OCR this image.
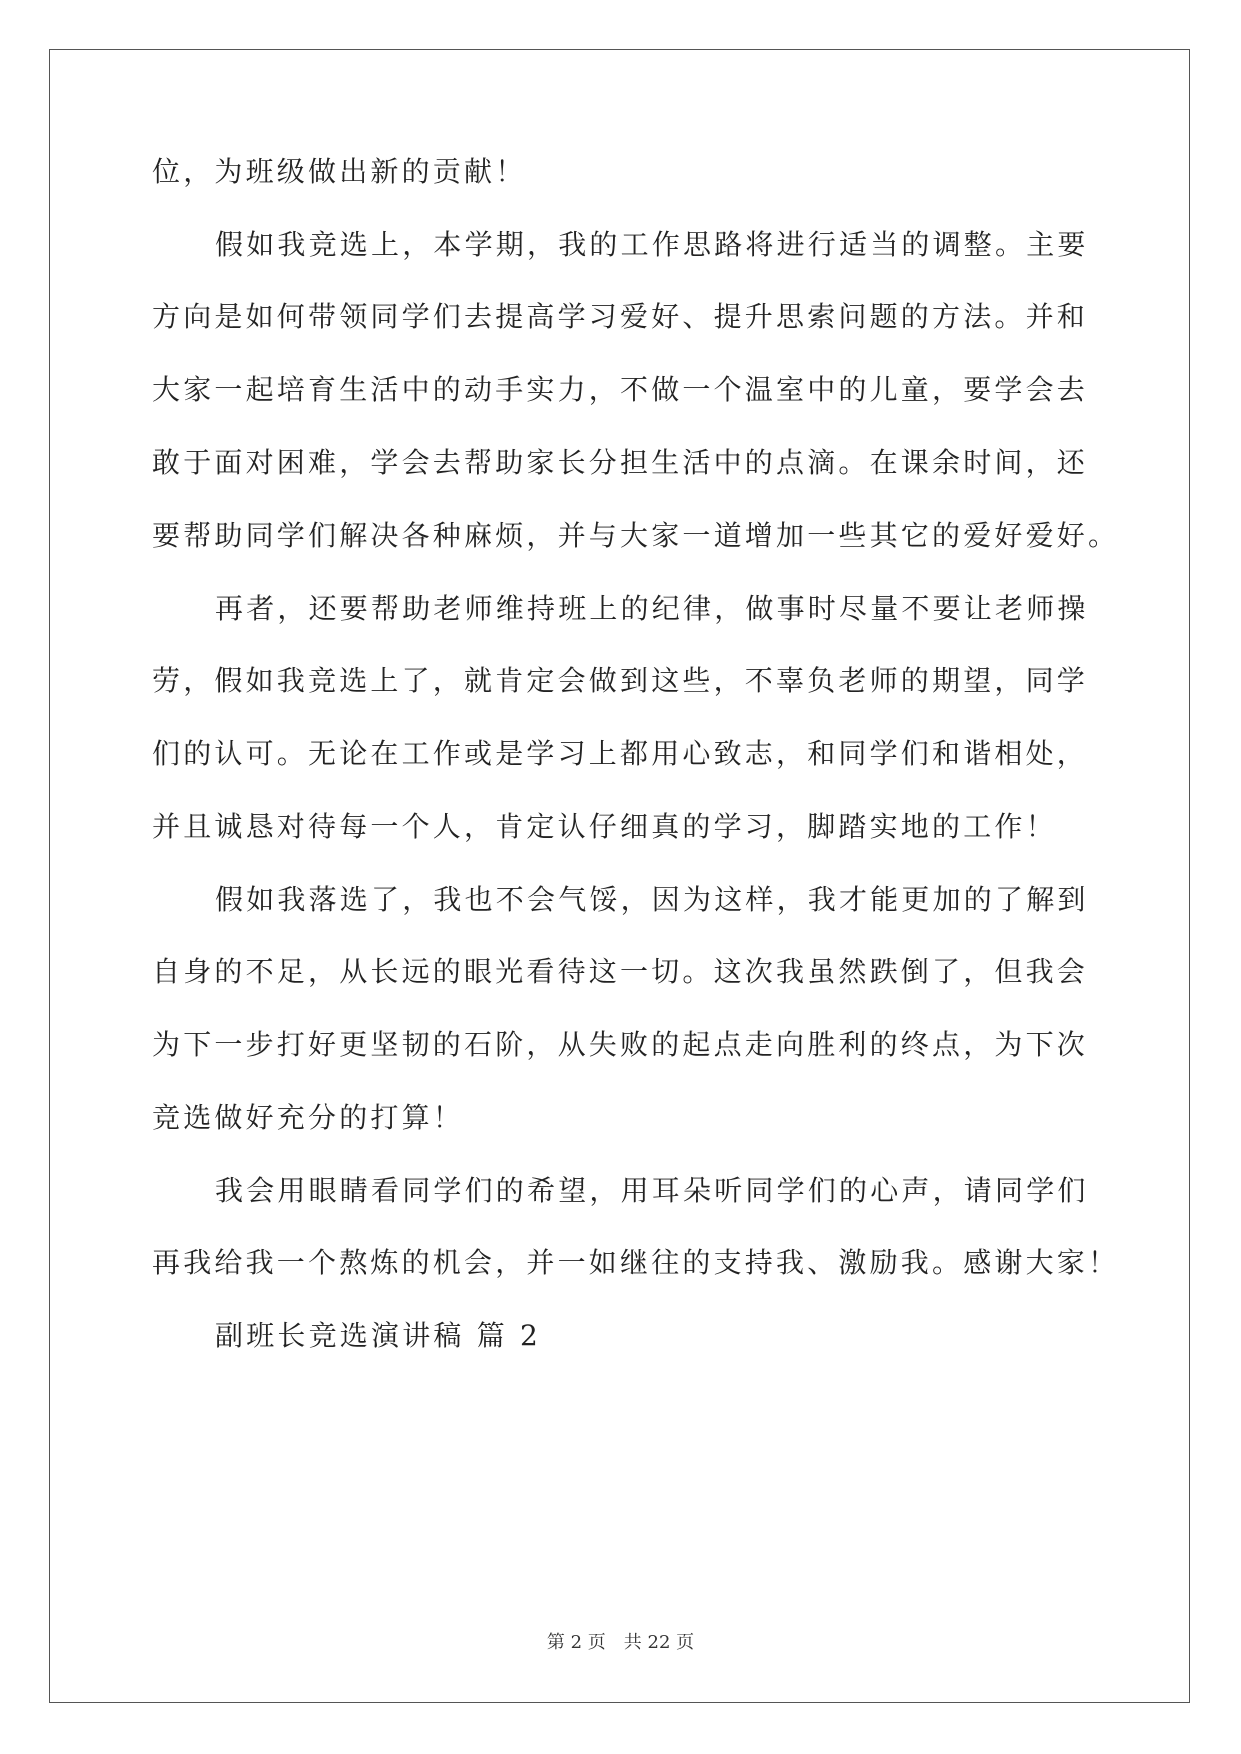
位，为班级做出新的贡献！
假如我竞选上，本学期，我的工作思路将进行适当的调整。主要
方向是如何带领同学们去提高学习爱好、提升思索问题的方法。并和
大家一起培育生活中的动手实力，不做一个温室中的儿童，要学会去
敢于面对困难，学会去帮助家长分担生活中的点滴。在课余时间，还
要帮助同学们解决各种麻烦，并与大家一道增加一些其它的爱好爱好。
再者，还要帮助老师维持班上的纪律，做事时尽量不要让老师操
劳，假如我竞选上了，就肯定会做到这些，不辜负老师的期望，同学
们的认可。无论在工作或是学习上都用心致志，和同学们和谐相处，
并且诚恳对待每一个人，肯定认仔细真的学习，脚踏实地的工作！
假如我落选了，我也不会气馁，因为这样，我才能更加的了解到
自身的不足，从长远的眼光看待这一切。这次我虽然跌倒了，但我会
为下一步打好更坚韧的石阶，从失败的起点走向胜利的终点，为下次
竞选做好充分的打算！
我会用眼睛看同学们的希望，用耳朵听同学们的心声，请同学们
再我给我一个熬炼的机会，并一如继往的支持我、激励我。感谢大家！
副班长竞选演讲稿 篇 2
第 2 页　共 22 页
